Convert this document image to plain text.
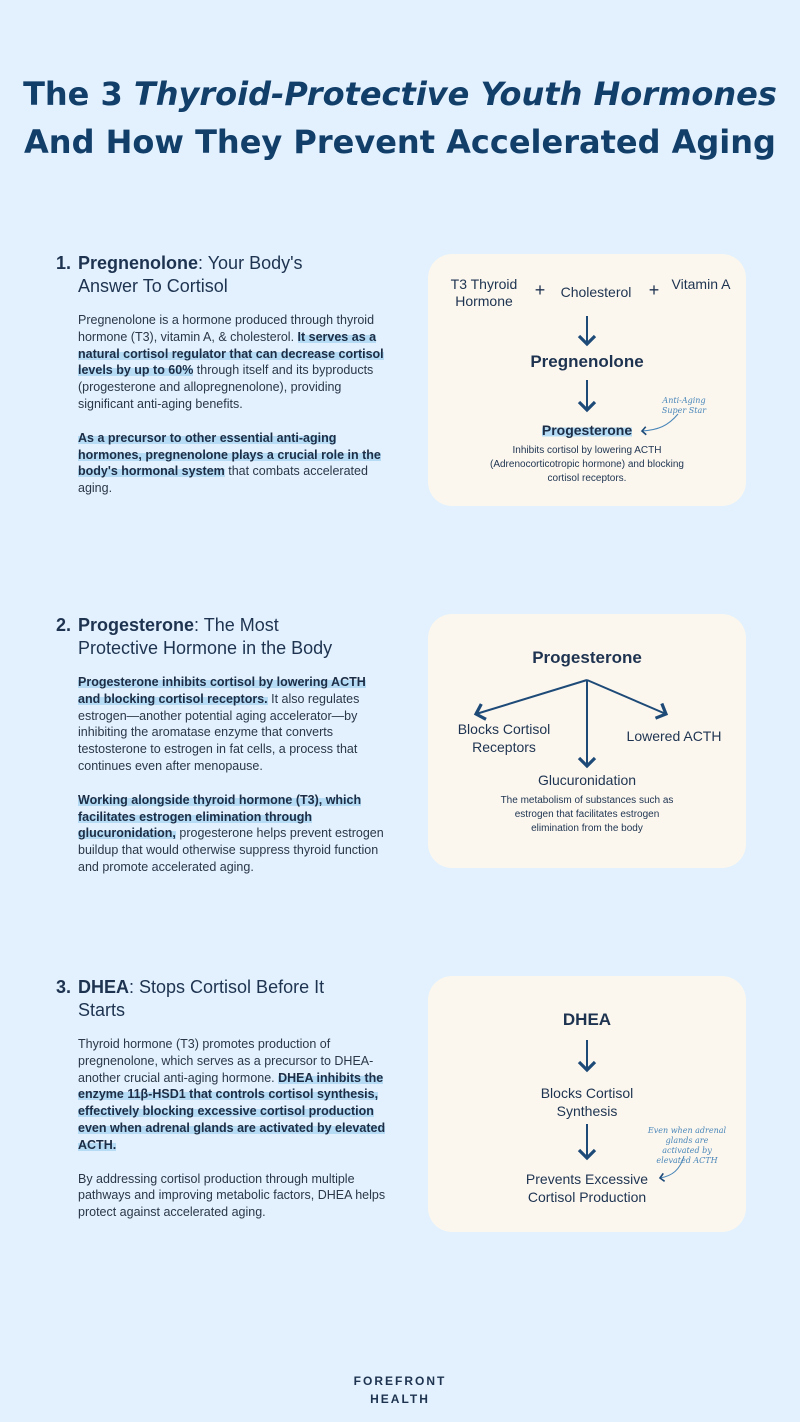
The 3 Thyroid-Protective Youth Hormones
And How They Prevent Accelerated Aging
1. Pregnenolone: Your Body's Answer To Cortisol

Pregnenolone is a hormone produced through thyroid hormone (T3), vitamin A, & cholesterol. It serves as a natural cortisol regulator that can decrease cortisol levels by up to 60% through itself and its byproducts (progesterone and allopregnenolone), providing significant anti-aging benefits.

As a precursor to other essential anti-aging hormones, pregnenolone plays a crucial role in the body's hormonal system that combats accelerated aging.

2. Progesterone: The Most Protective Hormone in the Body

Progesterone inhibits cortisol by lowering ACTH and blocking cortisol receptors. It also regulates estrogen—another potential aging accelerator—by inhibiting the aromatase enzyme that converts testosterone to estrogen in fat cells, a process that continues even after menopause.

Working alongside thyroid hormone (T3), which facilitates estrogen elimination through glucuronidation, progesterone helps prevent estrogen buildup that would otherwise suppress thyroid function and promote accelerated aging.

3. DHEA: Stops Cortisol Before It Starts

Thyroid hormone (T3) promotes production of pregnenolone, which serves as a precursor to DHEA- another crucial anti-aging hormone. DHEA inhibits the enzyme 11β-HSD1 that controls cortisol synthesis, effectively blocking excessive cortisol production even when adrenal glands are activated by elevated ACTH.

By addressing cortisol production through multiple pathways and improving metabolic factors, DHEA helps protect against accelerated aging.

T3 Thyroid Hormone
+	Cholesterol + Vitamin A
Pregnenolone
Progesterone
Anti-Aging Super Star
Inhibits cortisol by lowering ACTH (Adrenocorticotropic hormone) and blocking cortisol receptors.
Progesterone
Blocks Cortisol Receptors
Lowered ACTH
Glucuronidation
The metabolism of substances such as estrogen that facilitates estrogen elimination from the body
DHEA
Blocks Cortisol Synthesis
Prevents Excessive Cortisol Production
Even when adrenal glands are activated by elevated ACTH
FOREFRONT
HEALTH
